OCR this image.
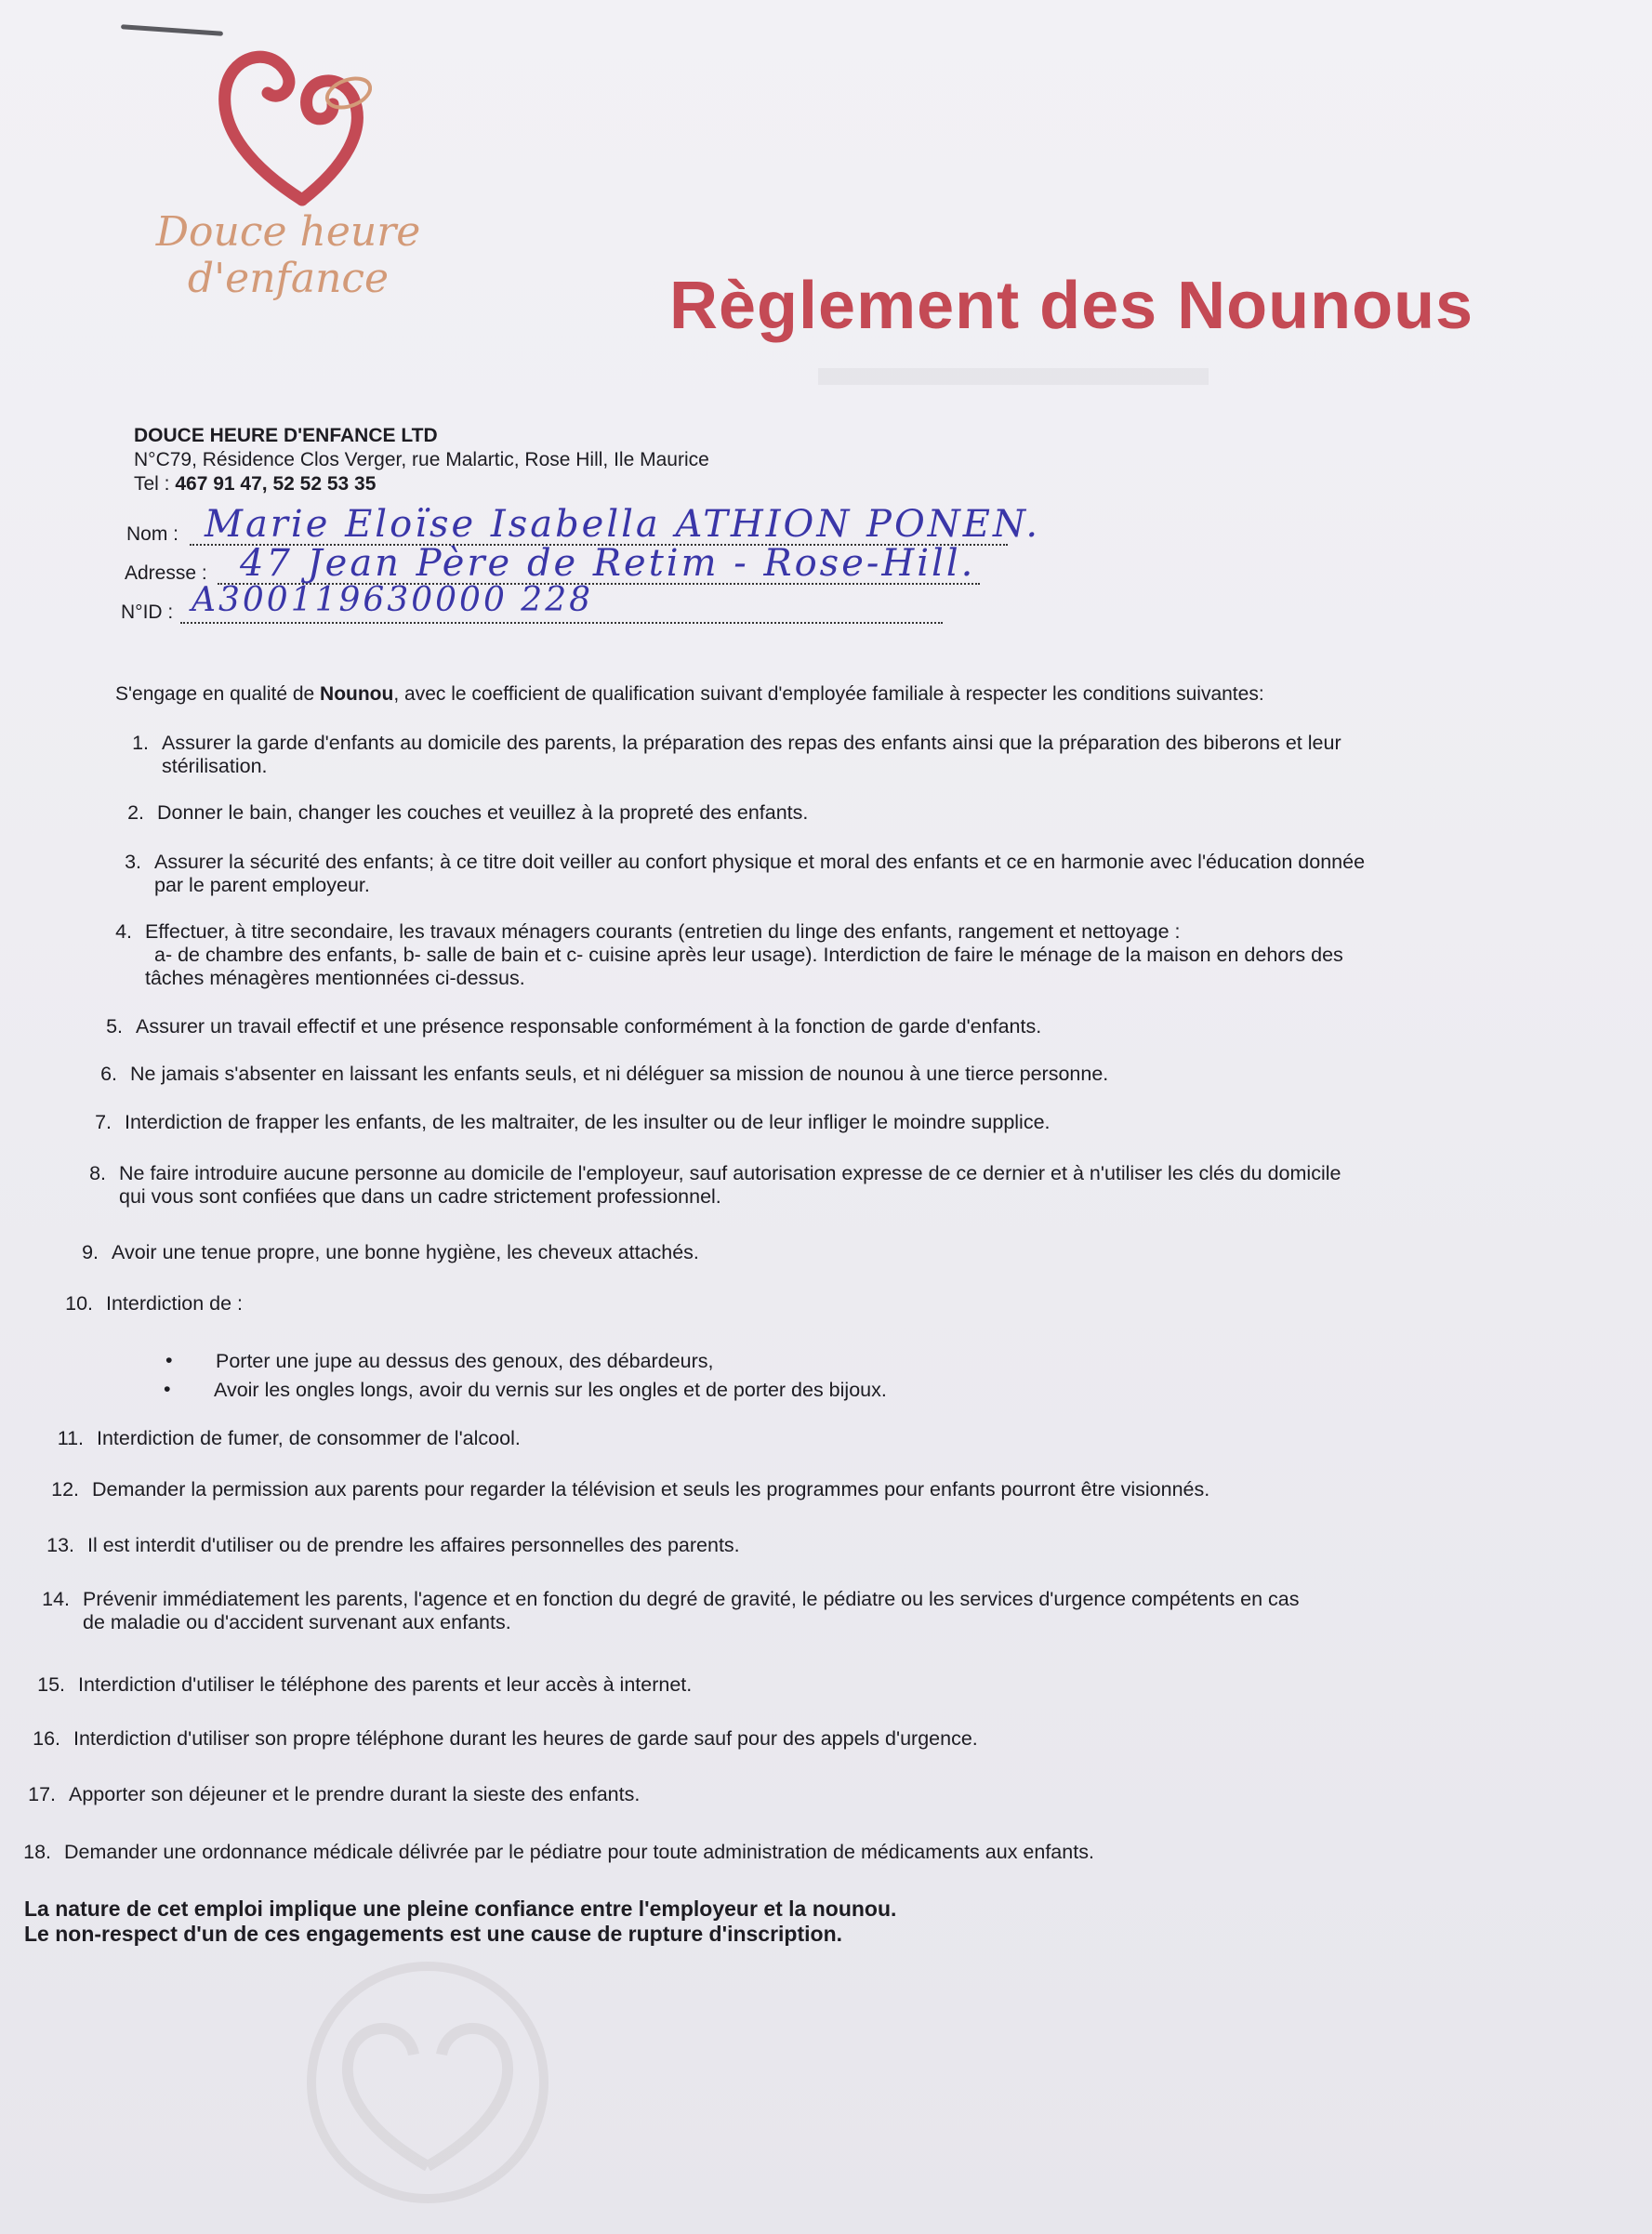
▬▬▬▬▬▬▬
Douce heure
d'enfance	Règlement des Nounous
DOUCE HEURE D'ENFANCE LTD
N°C79, Résidence Clos Verger, rue Malartic, Rose Hill, Ile Maurice
Tel : 467 91 47, 52 52 53 35
Nom : Marie Eloïse Isabella ATHION PONEN.
Adresse : 47 Jean Père de Retim - Rose-Hill.
N°ID : A300119630000 228
S'engage en qualité de Nounou, avec le coefficient de qualification suivant d'employée familiale à respecter les conditions suivantes:
1. Assurer la garde d'enfants au domicile des parents, la préparation des repas des enfants ainsi que la préparation des biberons et leur
stérilisation.
2. Donner le bain, changer les couches et veuillez à la propreté des enfants.
3. Assurer la sécurité des enfants; à ce titre doit veiller au confort physique et moral des enfants et ce en harmonie avec l'éducation donnée
par le parent employeur.
4. Effectuer, à titre secondaire, les travaux ménagers courants (entretien du linge des enfants, rangement et nettoyage :
a- de chambre des enfants, b- salle de bain et c- cuisine après leur usage). Interdiction de faire le ménage de la maison en dehors des
tâches ménagères mentionnées ci-dessus.
5. Assurer un travail effectif et une présence responsable conformément à la fonction de garde d'enfants.
6. Ne jamais s'absenter en laissant les enfants seuls, et ni déléguer sa mission de nounou à une tierce personne.
7. Interdiction de frapper les enfants, de les maltraiter, de les insulter ou de leur infliger le moindre supplice.
8. Ne faire introduire aucune personne au domicile de l'employeur, sauf autorisation expresse de ce dernier et à n'utiliser les clés du domicile
qui vous sont confiées que dans un cadre strictement professionnel.
9. Avoir une tenue propre, une bonne hygiène, les cheveux attachés.
10. Interdiction de :
11. Interdiction de fumer, de consommer de l'alcool.
12. Demander la permission aux parents pour regarder la télévision et seuls les programmes pour enfants pourront être visionnés.
13. Il est interdit d'utiliser ou de prendre les affaires personnelles des parents.
14. Prévenir immédiatement les parents, l'agence et en fonction du degré de gravité, le pédiatre ou les services d'urgence compétents en cas
de maladie ou d'accident survenant aux enfants.
15. Interdiction d'utiliser le téléphone des parents et leur accès à internet.
16. Interdiction d'utiliser son propre téléphone durant les heures de garde sauf pour des appels d'urgence.
17. Apporter son déjeuner et le prendre durant la sieste des enfants.
18. Demander une ordonnance médicale délivrée par le pédiatre pour toute administration de médicaments aux enfants.
• Porter une jupe au dessus des genoux, des débardeurs,
• Avoir les ongles longs, avoir du vernis sur les ongles et de porter des bijoux.
La nature de cet emploi implique une pleine confiance entre l'employeur et la nounou.
Le non-respect d'un de ces engagements est une cause de rupture d'inscription.
